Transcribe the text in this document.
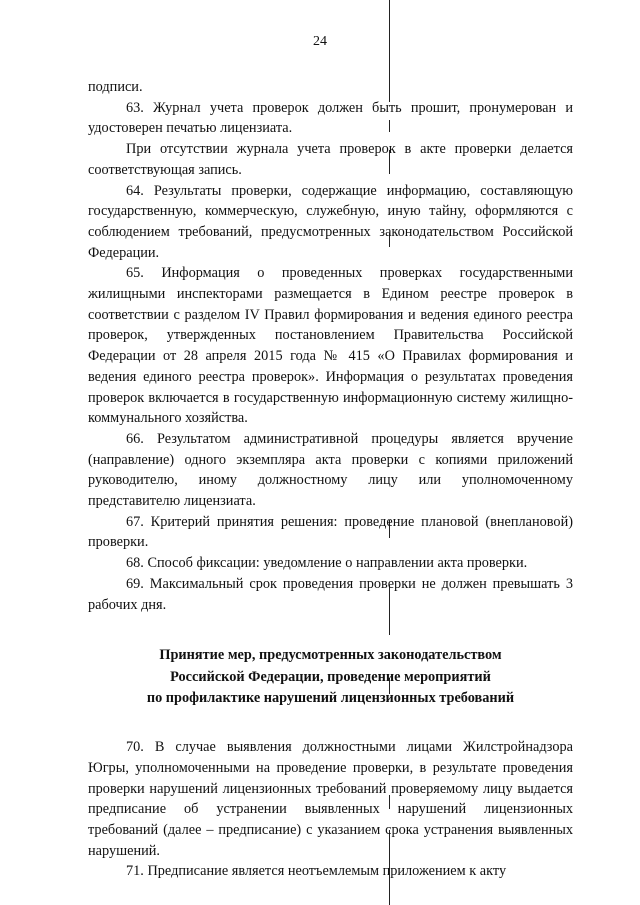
24

подписи.

63. Журнал учета проверок должен быть прошит, пронумерован и удостоверен печатью лицензиата.

При отсутствии журнала учета проверок в акте проверки делается соответствующая запись.

64. Результаты проверки, содержащие информацию, составляющую государственную, коммерческую, служебную, иную тайну, оформляются с соблюдением требований, предусмотренных законодательством Российской Федерации.

65. Информация о проведенных проверках государственными жилищными инспекторами размещается в Едином реестре проверок в соответствии с разделом IV Правил формирования и ведения единого реестра проверок, утвержденных постановлением Правительства Российской Федерации от 28 апреля 2015 года № 415 «О Правилах формирования и ведения единого реестра проверок». Информация о результатах проведения проверок включается в государственную информационную систему жилищно-коммунального хозяйства.

66. Результатом административной процедуры является вручение (направление) одного экземпляра акта проверки с копиями приложений руководителю, иному должностному лицу или уполномоченному представителю лицензиата.

67. Критерий принятия решения: проведение плановой (внеплановой) проверки.

68. Способ фиксации: уведомление о направлении акта проверки.

69. Максимальный срок проведения проверки не должен превышать 3 рабочих дня.

Принятие мер, предусмотренных законодательством
Российской Федерации, проведение мероприятий
по профилактике нарушений лицензионных требований

70. В случае выявления должностными лицами Жилстройнадзора Югры, уполномоченными на проведение проверки, в результате проведения проверки нарушений лицензионных требований проверяемому лицу выдается предписание об устранении выявленных нарушений лицензионных требований (далее – предписание) с указанием срока устранения выявленных нарушений.

71. Предписание является неотъемлемым приложением к акту
